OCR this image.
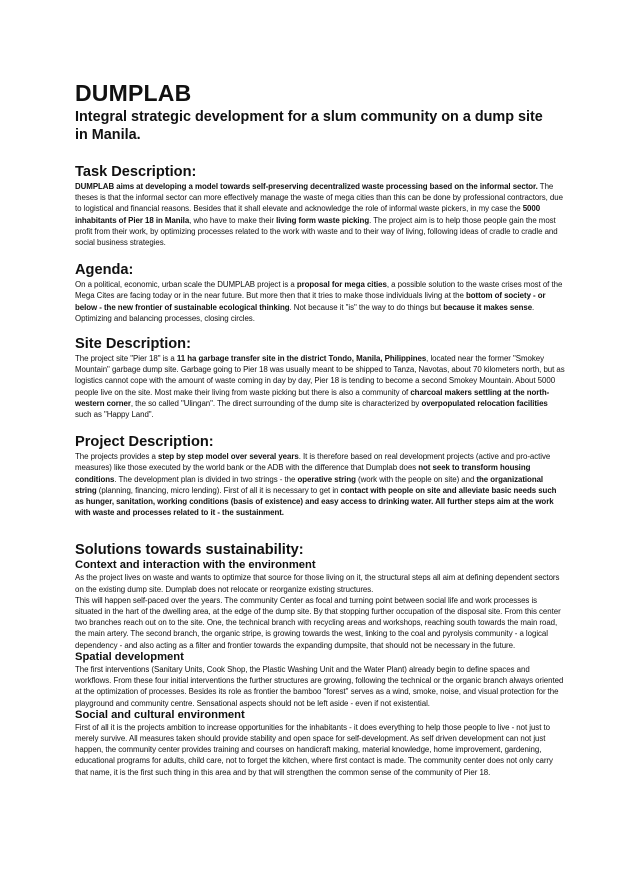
DUMPLAB
Integral strategic development for a slum community on a dump site in Manila.
Task Description:

DUMPLAB aims at developing a model towards self-preserving decentralized waste processing based on the informal sector. The theses is that the informal sector can more effectively manage the waste of mega cities than this can be done by professional contractors, due to logistical and financial reasons. Besides that it shall elevate and acknowledge the role of informal waste pickers, in my case the 5000 inhabitants of Pier 18 in Manila, who have to make their living form waste picking. The project aim is to help those people gain the most profit from their work, by optimizing processes related to the work with waste and to their way of living, following ideas of cradle to cradle and social business strategies.

Agenda:

On a political, economic, urban scale the DUMPLAB project is a proposal for mega cities, a possible solution to the waste crises most of the Mega Cites are facing today or in the near future. But more then that it tries to make those individuals living at the bottom of society - or below - the new frontier of sustainable ecological thinking. Not because it "is" the way to do things but because it makes sense. Optimizing and balancing processes, closing circles.

Site Description:

The project site "Pier 18" is a 11 ha garbage transfer site in the district Tondo, Manila, Philippines, located near the former "Smokey Mountain" garbage dump site. Garbage going to Pier 18 was usually meant to be shipped to Tanza, Navotas, about 70 kilometers north, but as logistics cannot cope with the amount of waste coming in day by day, Pier 18 is tending to become a second Smokey Mountain. About 5000 people live on the site. Most make their living from waste picking but there is also a community of charcoal makers settling at the north-western corner, the so called "Ulingan". The direct surrounding of the dump site is characterized by overpopulated relocation facilities such as "Happy Land".

Project Description:

The projects provides a step by step model over several years. It is therefore based on real development projects (active and pro-active measures) like those executed by the world bank or the ADB with the difference that Dumplab does not seek to transform housing conditions. The development plan is divided in two strings - the operative string (work with the people on site) and the organizational string (planning, financing, micro lending). First of all it is necessary to get in contact with people on site and alleviate basic needs such as hunger, sanitation, working conditions (basis of existence) and easy access to drinking water. All further steps aim at the work with waste and processes related to it - the sustainment.

Solutions towards sustainability:
Context and interaction with the environment

As the project lives on waste and wants to optimize that source for those living on it, the structural steps all aim at defining dependent sectors on the existing dump site. Dumplab does not relocate or reorganize existing structures.

This will happen self-paced over the years. The community Center as focal and turning point between social life and work processes is situated in the hart of the dwelling area, at the edge of the dump site. By that stopping further occupation of the disposal site. From this center two branches reach out on to the site. One, the technical branch with recycling areas and workshops, reaching south towards the main road, the main artery. The second branch, the organic stripe, is growing towards the west, linking to the coal and pyrolysis community - a logical dependency - and also acting as a filter and frontier towards the expanding dumpsite, that should not be necessary in the future.

Spatial development

The first interventions (Sanitary Units, Cook Shop, the Plastic Washing Unit and the Water Plant) already begin to define spaces and workflows. From these four initial interventions the further structures are growing, following the technical or the organic branch always oriented at the optimization of processes. Besides its role as frontier the bamboo "forest" serves as a wind, smoke, noise, and visual protection for the playground and community centre. Sensational aspects should not be left aside - even if not existential.

Social and cultural environment

First of all it is the projects ambition to increase opportunities for the inhabitants - it does everything to help those people to live - not just to merely survive. All measures taken should provide stability and open space for self-development. As self driven development can not just happen, the community center provides training and courses on handicraft making, material knowledge, home improvement, gardening, educational programs for adults, child care, not to forget the kitchen, where first contact is made. The community center does not only carry that name, it is the first such thing in this area and by that will strengthen the common sense of the community of Pier 18.
